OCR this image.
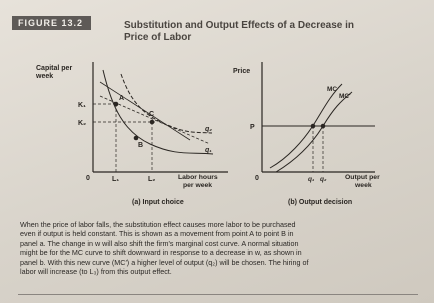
FIGURE 13.2	Substitution and Output Effects of a Decrease in
Price of Labor
Capital per
week
A
B
C
K₁
K₂
0	L₁	L₂
q₂
q₁
Labor hours
per week
(a) Input choice
Price
P
MC
MC′
0	q₁ q₂	Output per
week
(b) Output decision
When the price of labor falls, the substitution effect causes more labor to be purchased
even if output is held constant. This is shown as a movement from point A to point B in
panel a. The change in w will also shift the firm's marginal cost curve. A normal situation
might be for the MC curve to shift downward in response to a decrease in w, as shown in
panel b. With this new curve (MC′) a higher level of output (q₂) will be chosen. The hiring of
labor will increase (to L₃) from this output effect.
